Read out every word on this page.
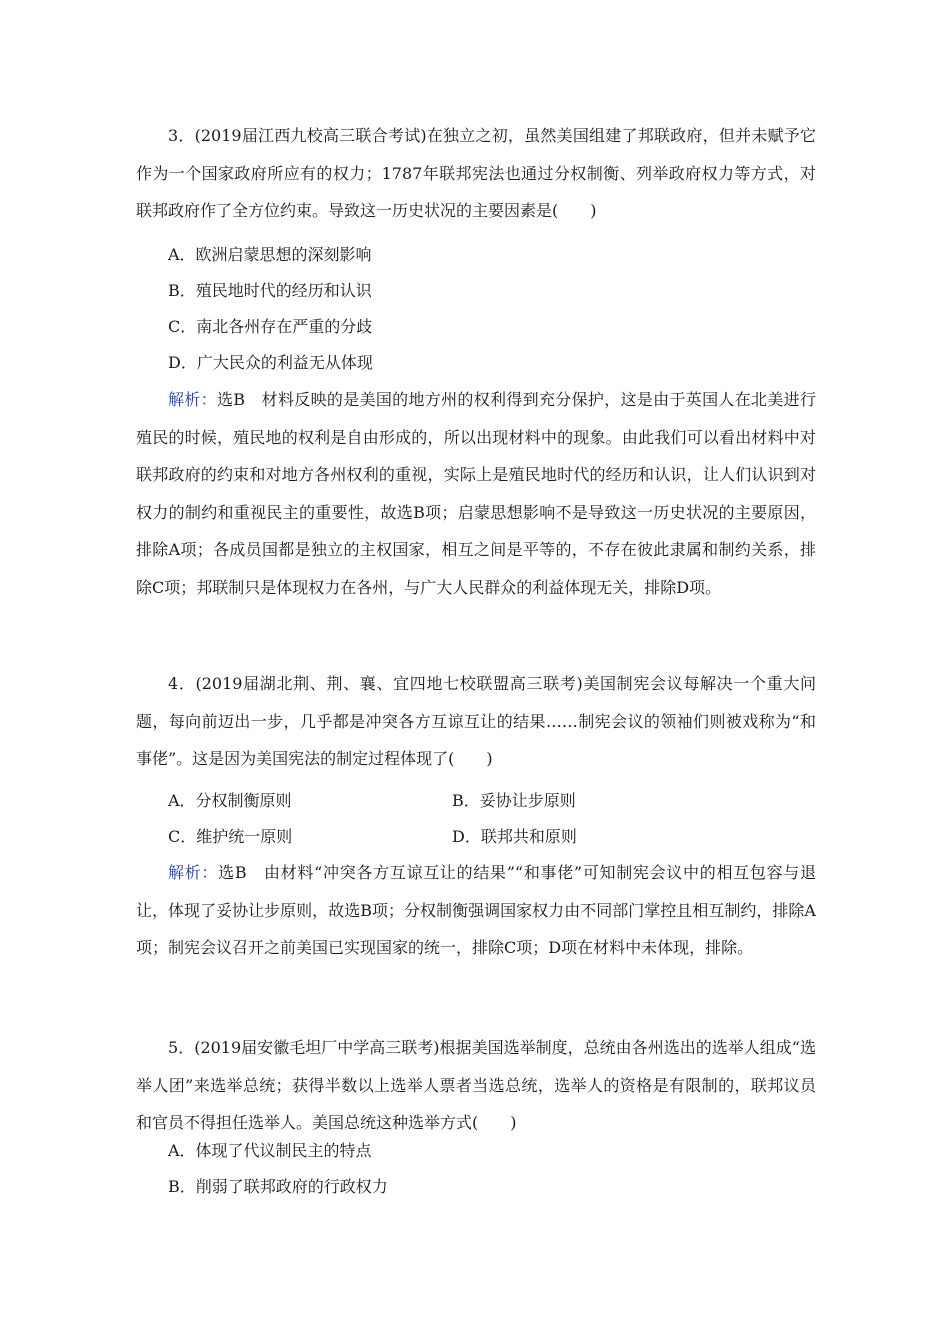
3．(2019届江西九校高三联合考试)在独立之初，虽然美国组建了邦联政府，但并未赋予它作为一个国家政府所应有的权力；1787年联邦宪法也通过分权制衡、列举政府权力等方式，对联邦政府作了全方位约束。导致这一历史状况的主要因素是(　　)

A．欧洲启蒙思想的深刻影响

B．殖民地时代的经历和认识

C．南北各州存在严重的分歧

D．广大民众的利益无从体现

解析：选B　材料反映的是美国的地方州的权利得到充分保护，这是由于英国人在北美进行殖民的时候，殖民地的权利是自由形成的，所以出现材料中的现象。由此我们可以看出材料中对联邦政府的约束和对地方各州权利的重视，实际上是殖民地时代的经历和认识，让人们认识到对权力的制约和重视民主的重要性，故选B项；启蒙思想影响不是导致这一历史状况的主要原因，排除A项；各成员国都是独立的主权国家，相互之间是平等的，不存在彼此隶属和制约关系，排除C项；邦联制只是体现权力在各州，与广大人民群众的利益体现无关，排除D项。

4．(2019届湖北荆、荆、襄、宜四地七校联盟高三联考)美国制宪会议每解决一个重大问题，每向前迈出一步，几乎都是冲突各方互谅互让的结果……制宪会议的领袖们则被戏称为“和事佬”。这是因为美国宪法的制定过程体现了(　　)

A．分权制衡原则	B．妥协让步原则

C．维护统一原则	D．联邦共和原则

解析：选B　由材料“冲突各方互谅互让的结果”“和事佬”可知制宪会议中的相互包容与退让，体现了妥协让步原则，故选B项；分权制衡强调国家权力由不同部门掌控且相互制约，排除A项；制宪会议召开之前美国已实现国家的统一，排除C项；D项在材料中未体现，排除。

5．(2019届安徽毛坦厂中学高三联考)根据美国选举制度，总统由各州选出的选举人组成“选举人团”来选举总统；获得半数以上选举人票者当选总统，选举人的资格是有限制的，联邦议员和官员不得担任选举人。美国总统这种选举方式(　　)

A．体现了代议制民主的特点

B．削弱了联邦政府的行政权力
